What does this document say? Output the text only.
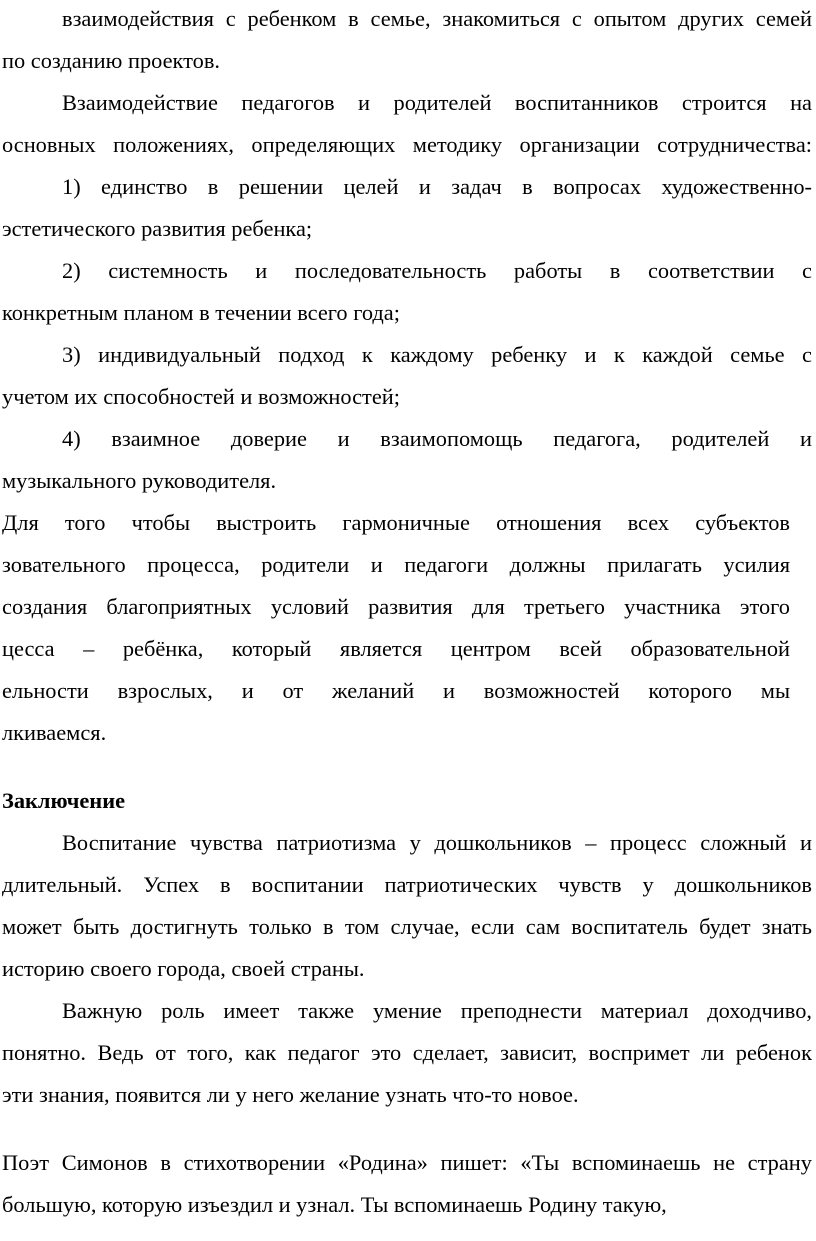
взаимодействия с ребенком в семье, знакомиться с опытом других семей
по созданию проектов.
Взаимодействие педагогов и родителей воспитанников строится на
основных положениях, определяющих методику организации сотрудничества:
1) единство в решении целей и задач в вопросах художественно-
эстетического развития ребенка;
2) системность и последовательность работы в соответствии с
конкретным планом в течении всего года;
3) индивидуальный подход к каждому ребенку и к каждой семье с
учетом их способностей и возможностей;
4) взаимное доверие и взаимопомощь педагога, родителей и
музыкального руководителя.
Для того чтобы выстроить гармоничные отношения всех субъектов
зовательного процесса, родители и педагоги должны прилагать усилия
создания благоприятных условий развития для третьего участника этого
цесса – ребёнка, который является центром всей образовательной
ельности взрослых, и от желаний и возможностей которого мы
лкиваемся.
Заключение
Воспитание чувства патриотизма у дошкольников – процесс сложный и
длительный. Успех в воспитании патриотических чувств у дошкольников
может быть достигнуть только в том случае, если сам воспитатель будет знать
историю своего города, своей страны.
Важную роль имеет также умение преподнести материал доходчиво,
понятно. Ведь от того, как педагог это сделает, зависит, воспримет ли ребенок
эти знания, появится ли у него желание узнать что-то новое.
Поэт Симонов в стихотворении «Родина» пишет: «Ты вспоминаешь не страну
большую, которую изъездил и узнал. Ты вспоминаешь Родину такую,
